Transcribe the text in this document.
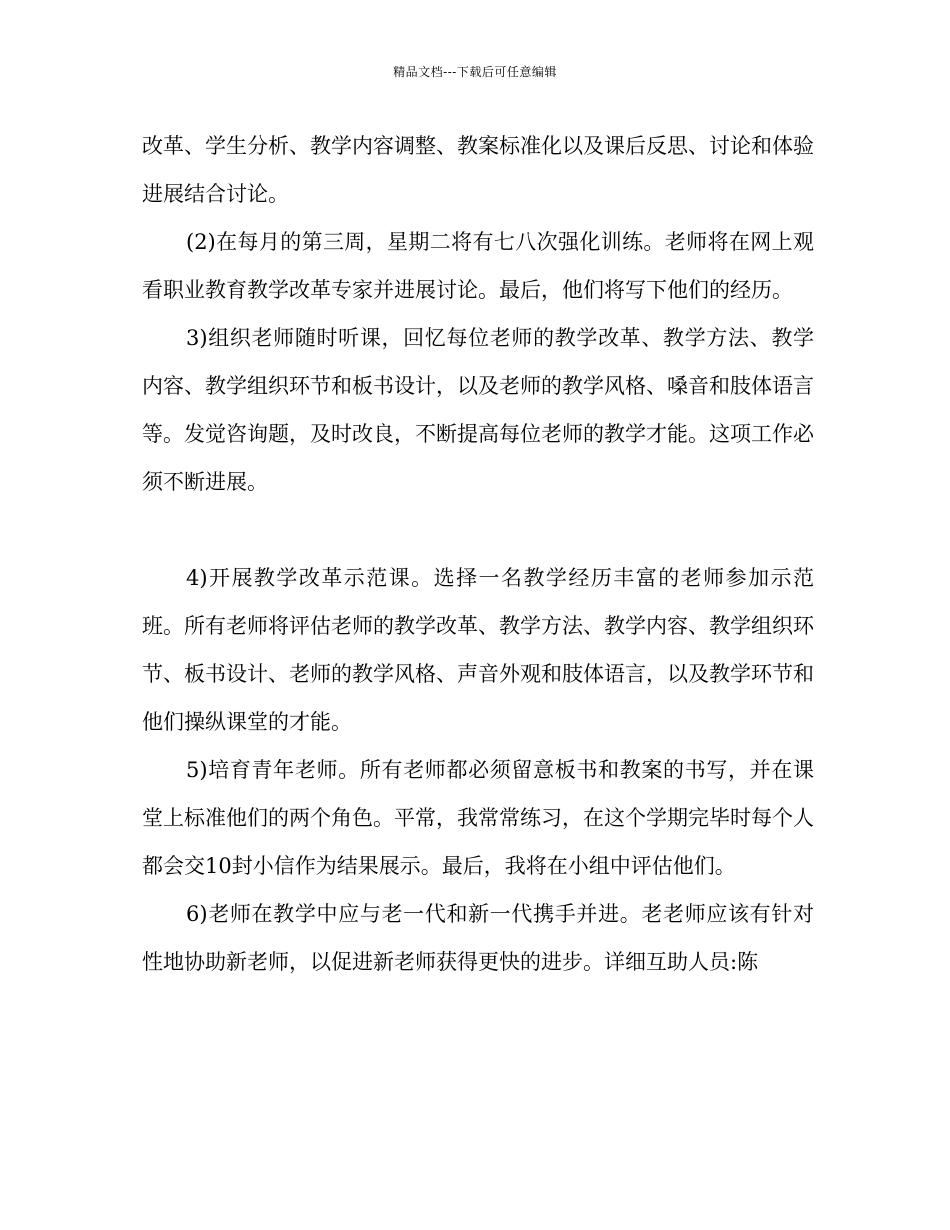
精品文档---下载后可任意编辑

改革、学生分析、教学内容调整、教案标准化以及课后反思、讨论和体验进展结合讨论。

(2)在每月的第三周，星期二将有七八次强化训练。老师将在网上观看职业教育教学改革专家并进展讨论。最后，他们将写下他们的经历。

3)组织老师随时听课，回忆每位老师的教学改革、教学方法、教学内容、教学组织环节和板书设计，以及老师的教学风格、嗓音和肢体语言等。发觉咨询题，及时改良，不断提高每位老师的教学才能。这项工作必须不断进展。

4)开展教学改革示范课。选择一名教学经历丰富的老师参加示范班。所有老师将评估老师的教学改革、教学方法、教学内容、教学组织环节、板书设计、老师的教学风格、声音外观和肢体语言，以及教学环节和他们操纵课堂的才能。

5)培育青年老师。所有老师都必须留意板书和教案的书写，并在课堂上标准他们的两个角色。平常，我常常练习，在这个学期完毕时每个人都会交10封小信作为结果展示。最后，我将在小组中评估他们。

6)老师在教学中应与老一代和新一代携手并进。老老师应该有针对性地协助新老师，以促进新老师获得更快的进步。详细互助人员:陈
